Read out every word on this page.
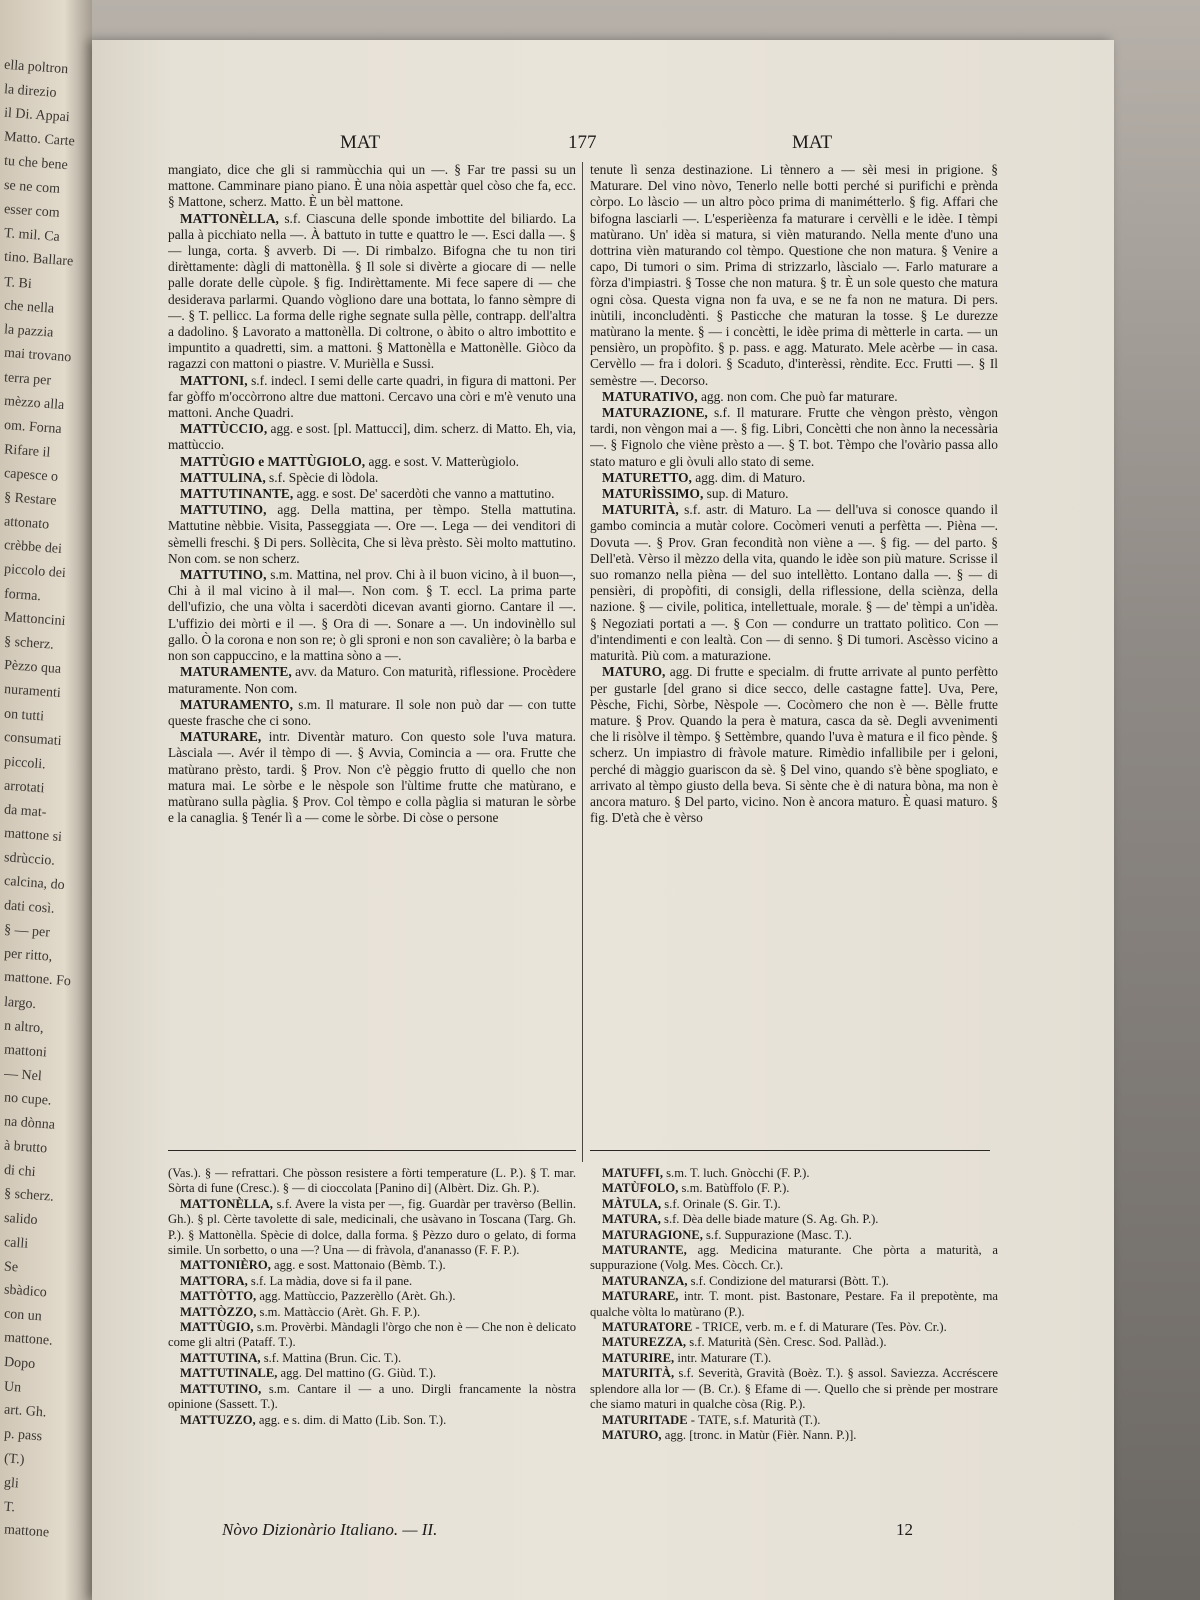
ella poltron
la direzio
il Di. Appai
Matto. Carte
tu che bene
se ne com
esser com
T. mil. Ca
tino. Ballare
T. Bi
che nella
la pazzia
mai trovano
terra per
mèzzo alla
om. Forna
Rifare il
capesce o
§ Restare
attonato
crèbbe dei
piccolo dei
forma.
Mattoncini
§ scherz.
Pèzzo qua
nuramenti
on tutti
consumati
piccoli.
arrotati
da mat-
mattone si
sdrùccio.
calcina, do
dati così.
§ — per
per ritto,
mattone. Fo
largo.
n altro,
mattoni
— Nel
no cupe.
na dònna
à brutto
di chi
§ scherz.
salido
calli
Se
sbàdico
con un
mattone.
Dopo
Un
art. Gh.
p. pass
(T.)
gli
T.
mattone
MAT	177	MAT

mangiato, dice che gli si rammùcchia qui un —. § Far tre passi su un mattone. Camminare piano piano. È una nòia aspettàr quel còso che fa, ecc. § Mattone, scherz. Matto. È un bèl mattone.

MATTONÈLLA, s.f. Ciascuna delle sponde imbottite del biliardo. La palla à picchiato nella —. À battuto in tutte e quattro le —. Esci dalla —. § — lunga, corta. § avverb. Di —. Di rimbalzo. Bifogna che tu non tiri dirèttamente: dàgli di mattonèlla. § Il sole si divèrte a giocare di — nelle palle dorate delle cùpole. § fig. Indirèttamente. Mi fece sapere di — che desiderava parlarmi. Quando vògliono dare una bottata, lo fanno sèmpre di —. § T. pellicc. La forma delle righe segnate sulla pèlle, contrapp. dell'altra a dadolino. § Lavorato a mattonèlla. Di coltrone, o àbito o altro imbottito e impuntito a quadretti, sim. a mattoni. § Mattonèlla e Mattonèlle. Giòco da ragazzi con mattoni o piastre. V. Murièlla e Sussi.

MATTONI, s.f. indecl. I semi delle carte quadri, in figura di mattoni. Per far gòffo m'occòrrono altre due mattoni. Cercavo una còri e m'è venuto una mattoni. Anche Quadri.

MATTÙCCIO, agg. e sost. [pl. Mattucci], dim. scherz. di Matto. Eh, via, mattùccio.

MATTÙGIO e MATTÙGIOLO, agg. e sost. V. Matterùgiolo.

MATTULINA, s.f. Spècie di lòdola.

MATTUTINANTE, agg. e sost. De' sacerdòti che vanno a mattutino.

MATTUTINO, agg. Della mattina, per tèmpo. Stella mattutina. Mattutine nèbbie. Visita, Passeggiata —. Ore —. Lega — dei venditori di sèmelli freschi. § Di pers. Sollècita, Che si lèva prèsto. Sèi molto mattutino. Non com. se non scherz.

MATTUTINO, s.m. Mattina, nel prov. Chi à il buon vicino, à il buon—, Chi à il mal vicino à il mal—. Non com. § T. eccl. La prima parte dell'ufizio, che una vòlta i sacerdòti dicevan avanti giorno. Cantare il —. L'uffizio dei mòrti e il —. § Ora di —. Sonare a —. Un indovinèllo sul gallo. Ò la corona e non son re; ò gli sproni e non son cavalière; ò la barba e non son cappuccino, e la mattina sòno a —.

MATURAMENTE, avv. da Maturo. Con maturità, riflessione. Procèdere maturamente. Non com.

MATURAMENTO, s.m. Il maturare. Il sole non può dar — con tutte queste frasche che ci sono.

MATURARE, intr. Diventàr maturo. Con questo sole l'uva matura. Làsciala —. Avér il tèmpo di —. § Avvia, Comincia a — ora. Frutte che matùrano prèsto, tardi. § Prov. Non c'è pèggio frutto di quello che non matura mai. Le sòrbe e le nèspole son l'ùltime frutte che matùrano, e matùrano sulla pàglia. § Prov. Col tèmpo e colla pàglia si maturan le sòrbe e la canaglia. § Tenér lì a — come le sòrbe. Di còse o persone

tenute lì senza destinazione. Li tènnero a — sèi mesi in prigione. § Maturare. Del vino nòvo, Tenerlo nelle botti perché si purifichi e prènda còrpo. Lo làscio — un altro pòco prima di manimétterlo. § fig. Affari che bifogna lasciarli —. L'esperièenza fa maturare i cervèlli e le idèe. I tèmpi matùrano. Un' idèa si matura, si vièn maturando. Nella mente d'uno una dottrina vièn maturando col tèmpo. Questione che non matura. § Venire a capo, Di tumori o sim. Prima di strizzarlo, làscialo —. Farlo maturare a fòrza d'impiastri. § Tosse che non matura. § tr. È un sole questo che matura ogni còsa. Questa vigna non fa uva, e se ne fa non ne matura. Di pers. inùtili, inconcludènti. § Pasticche che maturan la tosse. § Le durezze matùrano la mente. § — i concètti, le idèe prima di mètterle in carta. — un pensièro, un propòfito. § p. pass. e agg. Maturato. Mele acèrbe — in casa. Cervèllo — fra i dolori. § Scaduto, d'interèssi, rèndite. Ecc. Frutti —. § Il semèstre —. Decorso.

MATURATIVO, agg. non com. Che può far maturare.

MATURAZIONE, s.f. Il maturare. Frutte che vèngon prèsto, vèngon tardi, non vèngon mai a —. § fig. Libri, Concètti che non ànno la necessària —. § Fignolo che viène prèsto a —. § T. bot. Tèmpo che l'ovàrio passa allo stato maturo e gli òvuli allo stato di seme.

MATURETTO, agg. dim. di Maturo.

MATURÌSSIMO, sup. di Maturo.

MATURITÀ, s.f. astr. di Maturo. La — dell'uva si conosce quando il gambo comincia a mutàr colore. Cocòmeri venuti a perfètta —. Pièna —. Dovuta —. § Prov. Gran fecondità non viène a —. § fig. — del parto. § Dell'età. Vèrso il mèzzo della vita, quando le idèe son più mature. Scrisse il suo romanzo nella pièna — del suo intellètto. Lontano dalla —. § — di pensièri, di propòfiti, di consigli, della riflessione, della sciènza, della nazione. § — civile, politica, intellettuale, morale. § — de' tèmpi a un'idèa. § Negoziati portati a —. § Con — condurre un trattato polìtico. Con — d'intendimenti e con lealtà. Con — di senno. § Di tumori. Ascèsso vicino a maturità. Più com. a maturazione.

MATURO, agg. Di frutte e specialm. di frutte arrivate al punto perfètto per gustarle [del grano si dice secco, delle castagne fatte]. Uva, Pere, Pèsche, Fichi, Sòrbe, Nèspole —. Cocòmero che non è —. Bèlle frutte mature. § Prov. Quando la pera è matura, casca da sè. Degli avvenimenti che li risòlve il tèmpo. § Settèmbre, quando l'uva è matura e il fico pènde. § scherz. Un impiastro di fràvole mature. Rimèdio infallibile per i geloni, perché di màggio guariscon da sè. § Del vino, quando s'è bène spogliato, e arrivato al tèmpo giusto della beva. Si sènte che è di natura bòna, ma non è ancora maturo. § Del parto, vicino. Non è ancora maturo. È quasi maturo. § fig. D'età che è vèrso

(Vas.). § — refrattari. Che pòsson resistere a fòrti temperature (L. P.). § T. mar. Sòrta di fune (Cresc.). § — di cioccolata [Panino di] (Albèrt. Diz. Gh. P.).

MATTONÈLLA, s.f. Avere la vista per —, fig. Guardàr per travèrso (Bellin. Gh.). § pl. Cèrte tavolette di sale, medicinali, che usàvano in Toscana (Targ. Gh. P.). § Mattonèlla. Spècie di dolce, dalla forma. § Pèzzo duro o gelato, di forma simile. Un sorbetto, o una —? Una — di fràvola, d'ananasso (F. F. P.).

MATTONIÈRO, agg. e sost. Mattonaio (Bèmb. T.).

MATTORA, s.f. La màdia, dove si fa il pane.

MATTÒTTO, agg. Mattùccio, Pazzerèllo (Arèt. Gh.).

MATTÒZZO, s.m. Mattàccio (Arèt. Gh. F. P.).

MATTÙGIO, s.m. Provèrbi. Màndagli l'òrgo che non è — Che non è delicato come gli altri (Pataff. T.).

MATTUTINA, s.f. Mattina (Brun. Cic. T.).

MATTUTINALE, agg. Del mattino (G. Giùd. T.).

MATTUTINO, s.m. Cantare il — a uno. Dirgli francamente la nòstra opinione (Sassett. T.).

MATTUZZO, agg. e s. dim. di Matto (Lib. Son. T.).

MATUFFI, s.m. T. luch. Gnòcchi (F. P.).

MATÙFOLO, s.m. Batùffolo (F. P.).

MÀTULA, s.f. Orinale (S. Gir. T.).

MATURA, s.f. Dèa delle biade mature (S. Ag. Gh. P.).

MATURAGIONE, s.f. Suppurazione (Masc. T.).

MATURANTE, agg. Medicina maturante. Che pòrta a maturità, a suppurazione (Volg. Mes. Còcch. Cr.).

MATURANZA, s.f. Condizione del maturarsi (Bòtt. T.).

MATURARE, intr. T. mont. pist. Bastonare, Pestare. Fa il prepotènte, ma qualche vòlta lo matùrano (P.).

MATURATORE - TRICE, verb. m. e f. di Maturare (Tes. Pòv. Cr.).

MATUREZZA, s.f. Maturità (Sèn. Cresc. Sod. Pallàd.).

MATURIRE, intr. Maturare (T.).

MATURITÀ, s.f. Severità, Gravità (Boèz. T.). § assol. Saviezza. Accréscere splendore alla lor — (B. Cr.). § Efame di —. Quello che si prènde per mostrare che siamo maturi in qualche còsa (Rig. P.).

MATURITADE - TATE, s.f. Maturità (T.).

MATURO, agg. [tronc. in Matùr (Fièr. Nann. P.)].

Nòvo Dizionàrio Italiano. — II.	12
